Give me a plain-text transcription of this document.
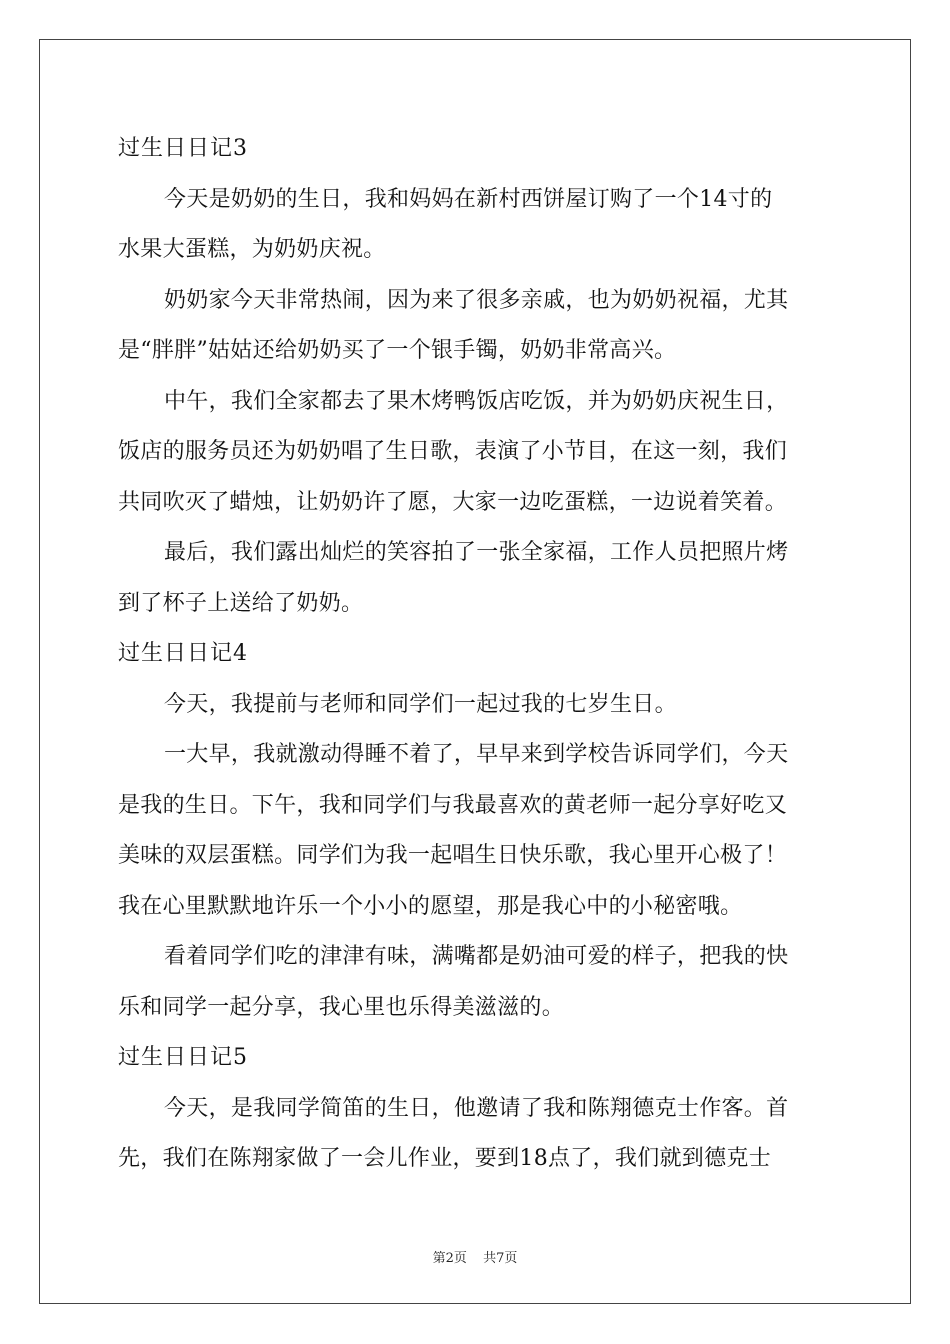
过生日日记3
今天是奶奶的生日，我和妈妈在新村西饼屋订购了一个14寸的
水果大蛋糕，为奶奶庆祝。
奶奶家今天非常热闹，因为来了很多亲戚，也为奶奶祝福，尤其
是“胖胖”姑姑还给奶奶买了一个银手镯，奶奶非常高兴。
中午，我们全家都去了果木烤鸭饭店吃饭，并为奶奶庆祝生日，
饭店的服务员还为奶奶唱了生日歌，表演了小节目，在这一刻，我们
共同吹灭了蜡烛，让奶奶许了愿，大家一边吃蛋糕，一边说着笑着。
最后，我们露出灿烂的笑容拍了一张全家福，工作人员把照片烤
到了杯子上送给了奶奶。
过生日日记4
今天，我提前与老师和同学们一起过我的七岁生日。
一大早，我就激动得睡不着了，早早来到学校告诉同学们，今天
是我的生日。下午，我和同学们与我最喜欢的黄老师一起分享好吃又
美味的双层蛋糕。同学们为我一起唱生日快乐歌，我心里开心极了！
我在心里默默地许乐一个小小的愿望，那是我心中的小秘密哦。
看着同学们吃的津津有味，满嘴都是奶油可爱的样子，把我的快
乐和同学一起分享，我心里也乐得美滋滋的。
过生日日记5
今天，是我同学简笛的生日，他邀请了我和陈翔德克士作客。首
先，我们在陈翔家做了一会儿作业，要到18点了，我们就到德克士
第2页 共7页
